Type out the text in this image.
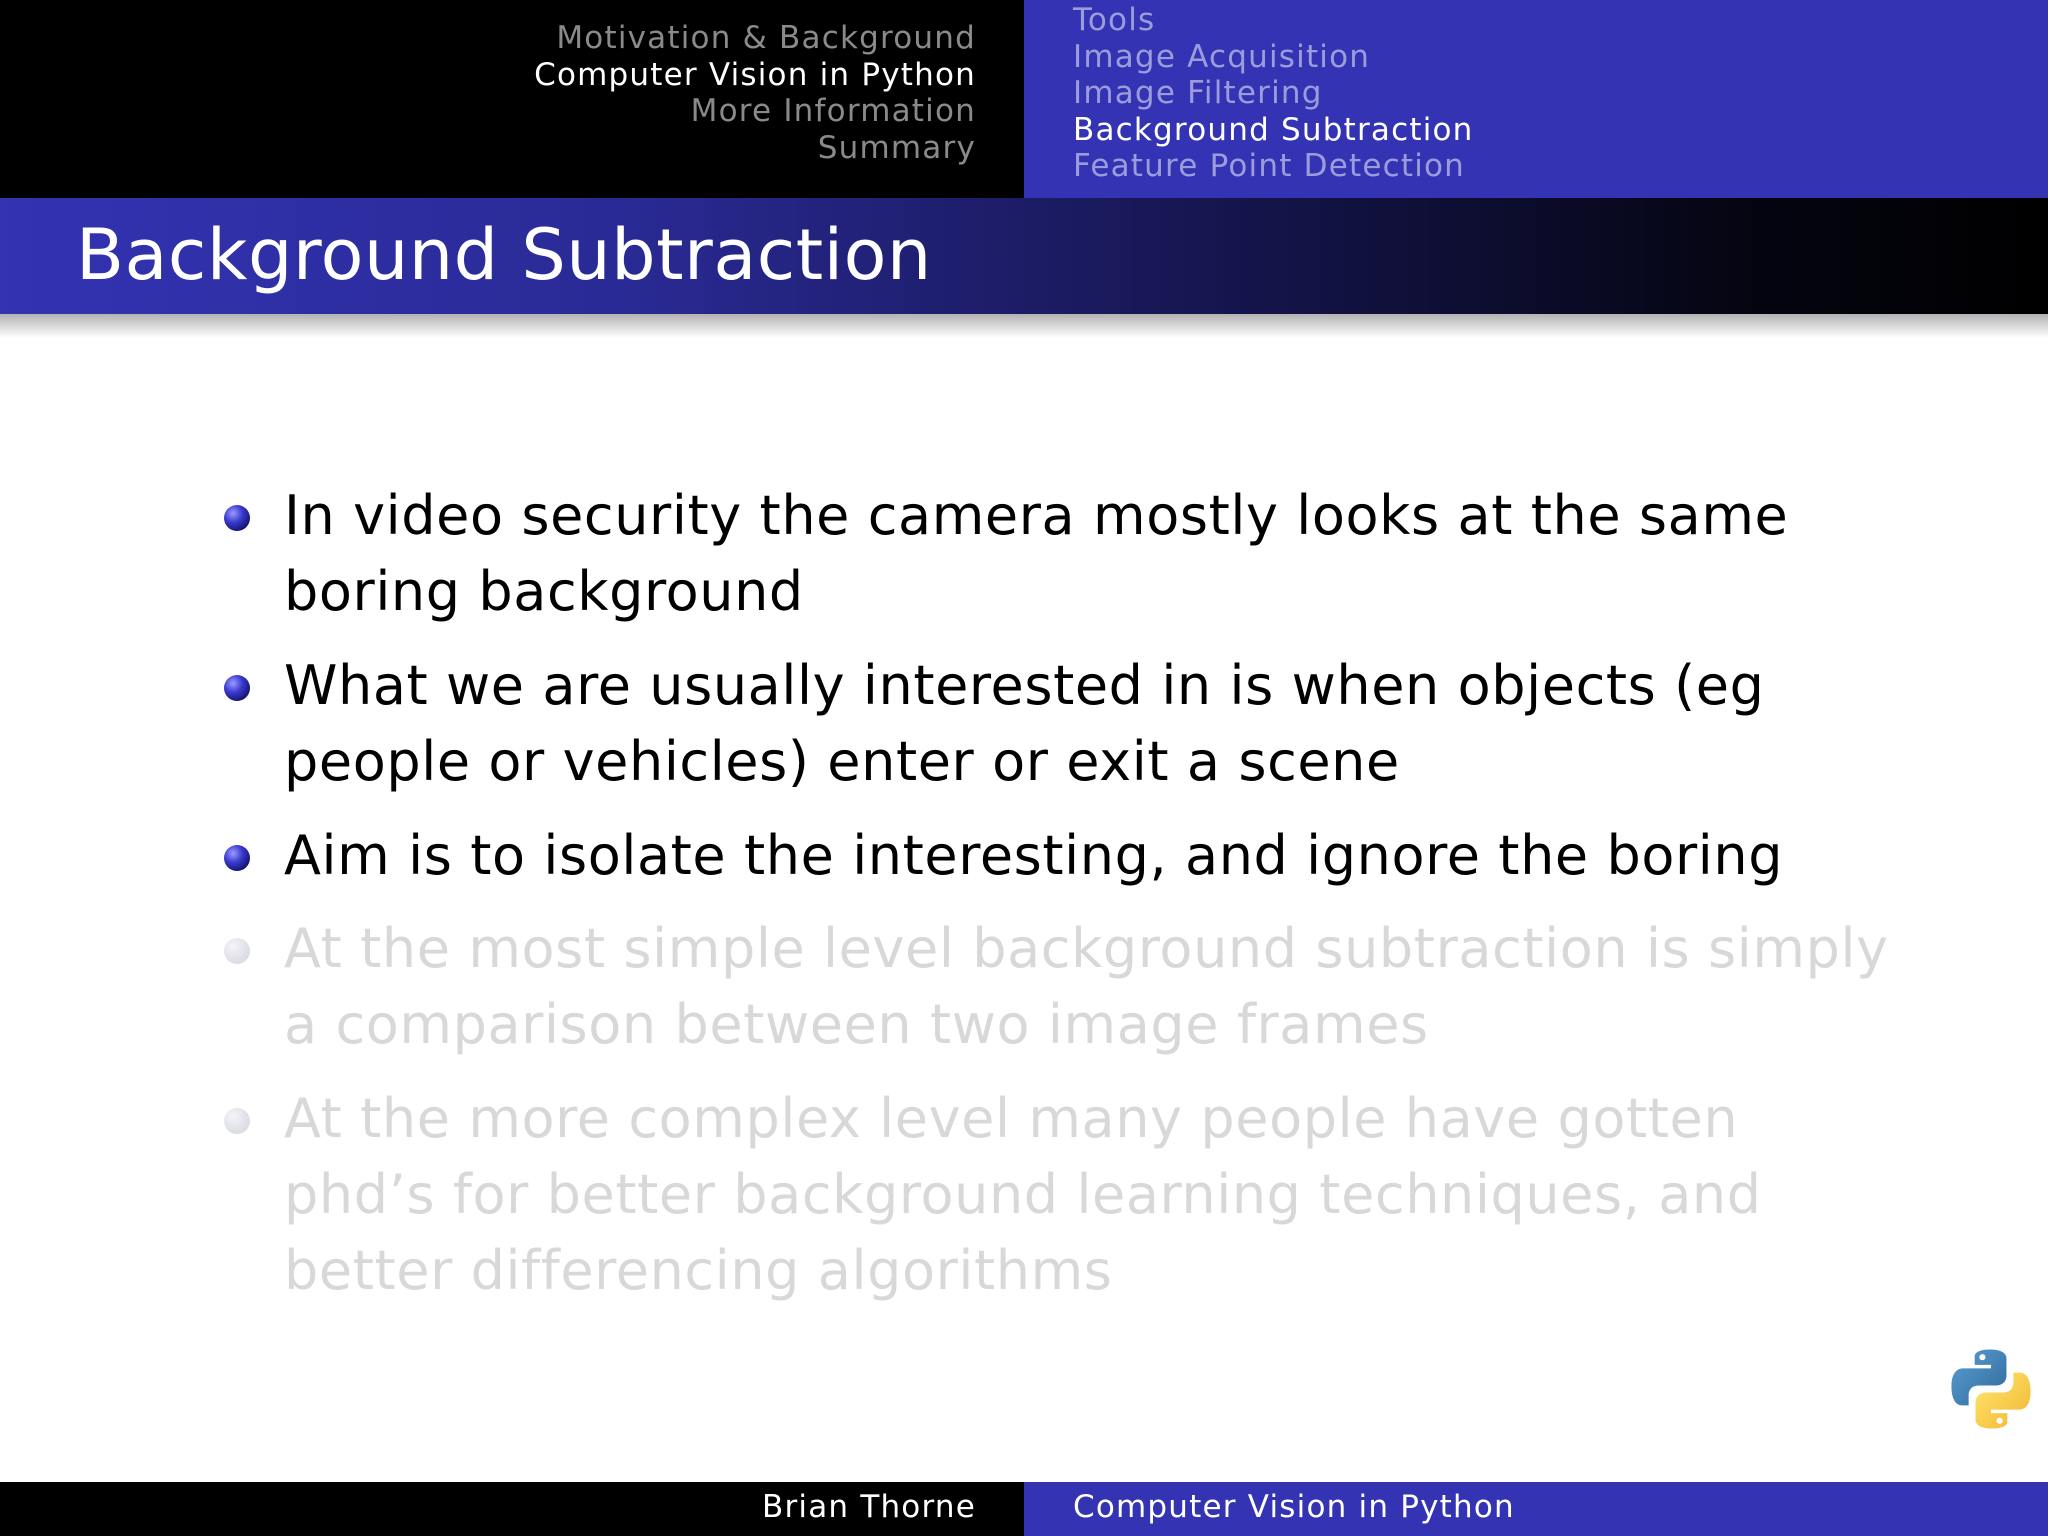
Motivation & Background
Computer Vision in Python
More Information
Summary
Tools
Image Acquisition
Image Filtering
Background Subtraction
Feature Point Detection
Background Subtraction
In video security the camera mostly looks at the same boring background
What we are usually interested in is when objects (eg people or vehicles) enter or exit a scene
Aim is to isolate the interesting, and ignore the boring
At the most simple level background subtraction is simply a comparison between two image frames
At the more complex level many people have gotten phd’s for better background learning techniques, and better differencing algorithms
Brian Thorne	Computer Vision in Python
